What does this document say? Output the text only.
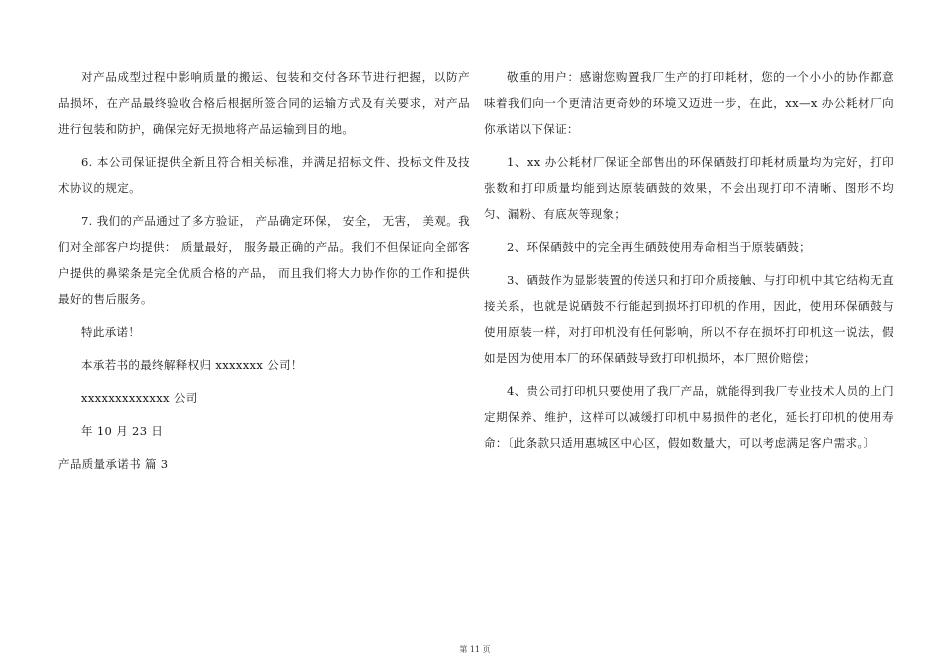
对产品成型过程中影响质量的搬运、包装和交付各环节进行把握，以防产品损坏，在产品最终验收合格后根据所签合同的运输方式及有关要求，对产品进行包装和防护，确保完好无损地将产品运输到目的地。

6. 本公司保证提供全新且符合相关标准，并满足招标文件、投标文件及技术协议的规定。

7. 我们的产品通过了多方验证， 产品确定环保， 安全， 无害， 美观。我们对全部客户均提供： 质量最好， 服务最正确的产品。我们不但保证向全部客户提供的鼻梁条是完全优质合格的产品， 而且我们将大力协作你的工作和提供最好的售后服务。

特此承诺！

本承若书的最终解释权归 xxxxxxx 公司！

xxxxxxxxxxxxx 公司

年 10 月 23 日

产品质量承诺书 篇 3

敬重的用户：感谢您购置我厂生产的打印耗材，您的一个小小的协作都意味着我们向一个更清洁更奇妙的环境又迈进一步，在此，xx—x 办公耗材厂向你承诺以下保证：

1、xx 办公耗材厂保证全部售出的环保硒鼓打印耗材质量均为完好，打印张数和打印质量均能到达原装硒鼓的效果，不会出现打印不清晰、图形不均匀、漏粉、有底灰等现象；

2、环保硒鼓中的完全再生硒鼓使用寿命相当于原装硒鼓；

3、硒鼓作为显影装置的传送只和打印介质接触、与打印机中其它结构无直接关系，也就是说硒鼓不行能起到损坏打印机的作用，因此，使用环保硒鼓与使用原装一样，对打印机没有任何影响，所以不存在损坏打印机这一说法，假如是因为使用本厂的环保硒鼓导致打印机损坏，本厂照价赔偿；

4、贵公司打印机只要使用了我厂产品，就能得到我厂专业技术人员的上门定期保养、维护，这样可以减缓打印机中易损件的老化，延长打印机的使用寿命：〔此条款只适用惠城区中心区，假如数量大，可以考虑满足客户需求。〕

第 11 页
